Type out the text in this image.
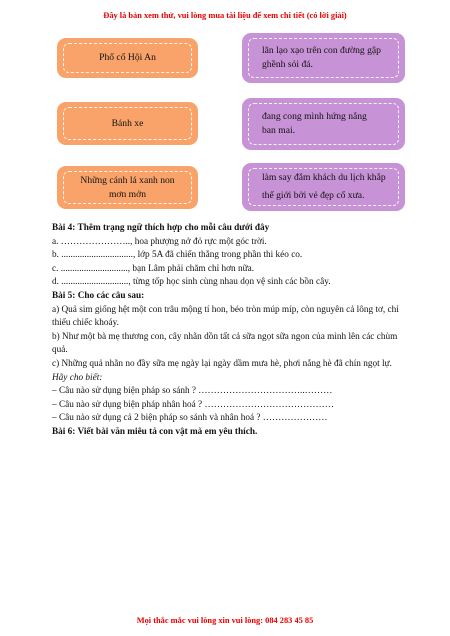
Đây là bản xem thử, vui lòng mua tài liệu để xem chi tiết (có lời giải)
Phố cổ Hội An
lăn lạo xạo trên con đường gập ghềnh sỏi đá.
Bánh xe
đang cong mình hứng nắng ban mai.
Những cánh lá xanh non mơn mởn
làm say đắm khách du lịch khắp thế giới bởi vẻ đẹp cổ xưa.

Bài 4: Thêm trạng ngữ thích hợp cho mỗi câu dưới đây

a. ………………….., hoa phượng nở đỏ rực một góc trời.

b. ..............................., lớp 5A đã chiến thắng trong phần thi kéo co.

c. ............................., bạn Lâm phải chăm chỉ hơn nữa.

d. ............................., từng tốp học sinh cùng nhau dọn vệ sinh các bồn cây.

Bài 5: Cho các câu sau:

a) Quả sim giống hệt một con trâu mộng tí hon, béo tròn múp míp, còn nguyên cả lông tơ, chỉ thiếu chiếc khoáy.

b) Như một bà mẹ thương con, cây nhãn dồn tất cả sữa ngọt sữa ngon của mình lên các chùm quả.

c) Những quả nhãn no đầy sữa mẹ ngày lại ngày dầm mưa hè, phơi nắng hè đã chín ngọt lự.

Hãy cho biết:

– Câu nào sử dụng biện pháp so sánh ? ……………………………..………

– Câu nào sử dụng biện pháp nhân hoá ? ……………………………………

– Câu nào sử dụng cả 2 biện pháp so sánh và nhân hoá ? …………………

Bài 6: Viết bài văn miêu tả con vật mà em yêu thích.

Mọi thắc mắc vui lòng xin vui lòng: 084 283 45 85
